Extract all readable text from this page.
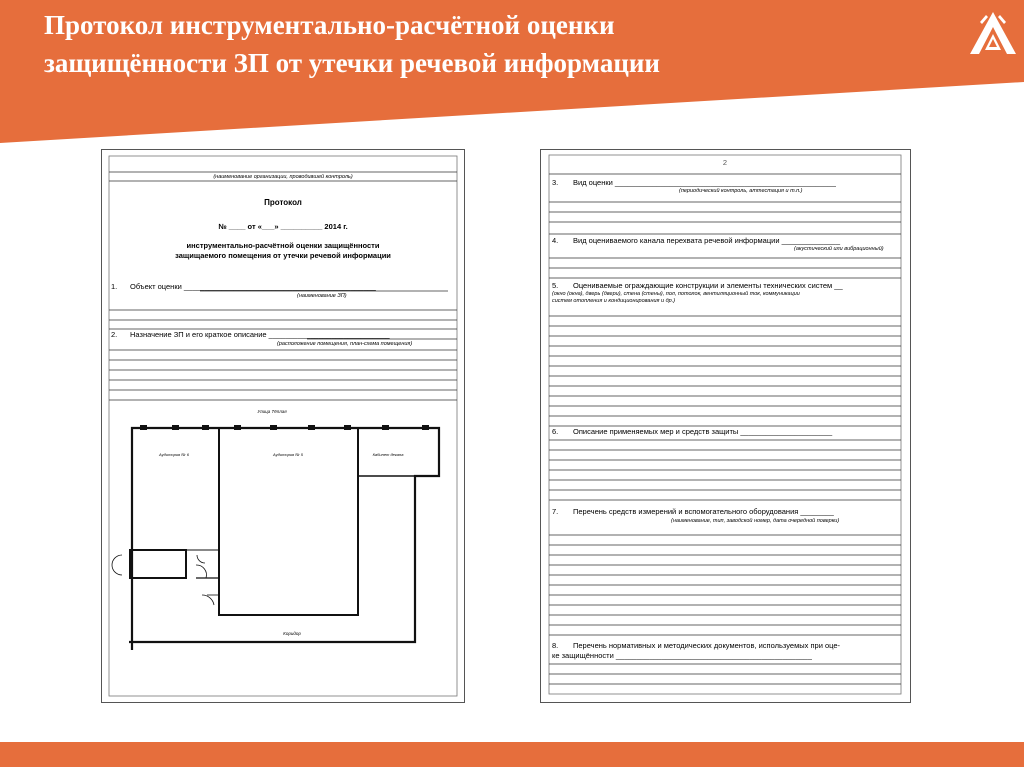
Протокол инструментально-расчётной оценки
защищённости ЗП от утечки речевой информации
(наименование организации, проводившей контроль)
Протокол
№ ____ от «___» __________ 2014 г.
инструментально-расчётной оценки защищённости
защищаемого помещения от утечки речевой информации
1. Объект оценки ______________________________________________
(наименование ЗП)
2. Назначение ЗП и его краткое описание _____________________________
(расположение помещения, план-схема помещения)
Улица Тёплая
Аудитория № 6	Аудитория № 5	Кабинет декана
Коридор
2
3. Вид оценки _____________________________________________________
(периодический контроль, аттестация и т.п.)
4. Вид оцениваемого канала перехвата речевой информации ______________
(акустический или вибрационный)
5. Оцениваемые ограждающие конструкции и элементы технических систем __
(окно (окна), дверь (двери), стена (стены), пол, потолок, вентиляционный ток, коммуникации
систем отопления и кондиционирования и др.)
6. Описание применяемых мер и средств защиты ______________________
7. Перечень средств измерений и вспомогательного оборудования ________
(наименование, тип, заводской номер, дата очередной поверки)
8. Перечень нормативных и методических документов, используемых при оце-
ке защищённости _______________________________________________
